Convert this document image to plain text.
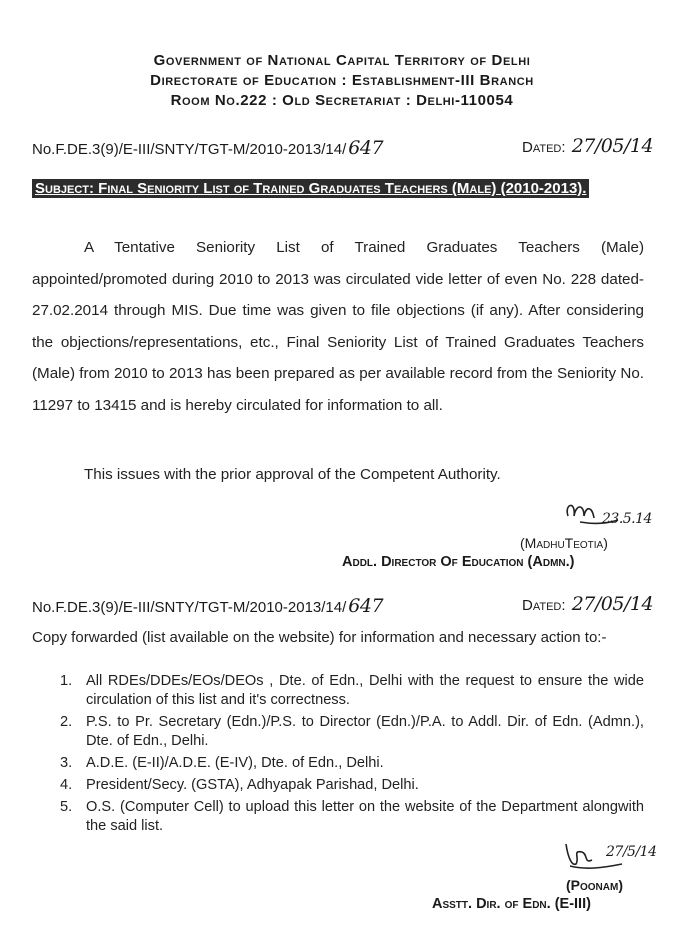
Government of National Capital Territory of Delhi
Directorate of Education : Establishment-III Branch
Room No.222 : Old Secretariat : Delhi-110054
No.F.DE.3(9)/E-III/SNTY/TGT-M/2010-2013/14/ 647	Dated: 27/05/14
Subject: Final Seniority List of Trained Graduates Teachers (Male) (2010-2013).
A Tentative Seniority List of Trained Graduates Teachers (Male) appointed/promoted during 2010 to 2013 was circulated vide letter of even No. 228 dated-27.02.2014 through MIS. Due time was given to file objections (if any). After considering the objections/representations, etc., Final Seniority List of Trained Graduates Teachers (Male) from 2010 to 2013 has been prepared as per available record from the Seniority No. 11297 to 13415 and is hereby circulated for information to all.
This issues with the prior approval of the Competent Authority.
23.5.14
(MadhuTeotia)
Addl. Director Of Education (Admn.)
No.F.DE.3(9)/E-III/SNTY/TGT-M/2010-2013/14/ 647	Dated: 27/05/14
Copy forwarded (list available on the website) for information and necessary action to:-
1. All RDEs/DDEs/EOs/DEOs , Dte. of Edn., Delhi with the request to ensure the wide circulation of this list and it's correctness.
2. P.S. to Pr. Secretary (Edn.)/P.S. to Director (Edn.)/P.A. to Addl. Dir. of Edn. (Admn.), Dte. of Edn., Delhi.
3. A.D.E. (E-II)/A.D.E. (E-IV), Dte. of Edn., Delhi.
4. President/Secy. (GSTA), Adhyapak Parishad, Delhi.
5. O.S. (Computer Cell) to upload this letter on the website of the Department alongwith the said list.
27/5/14
(Poonam)
Asstt. Dir. of Edn. (E-III)
